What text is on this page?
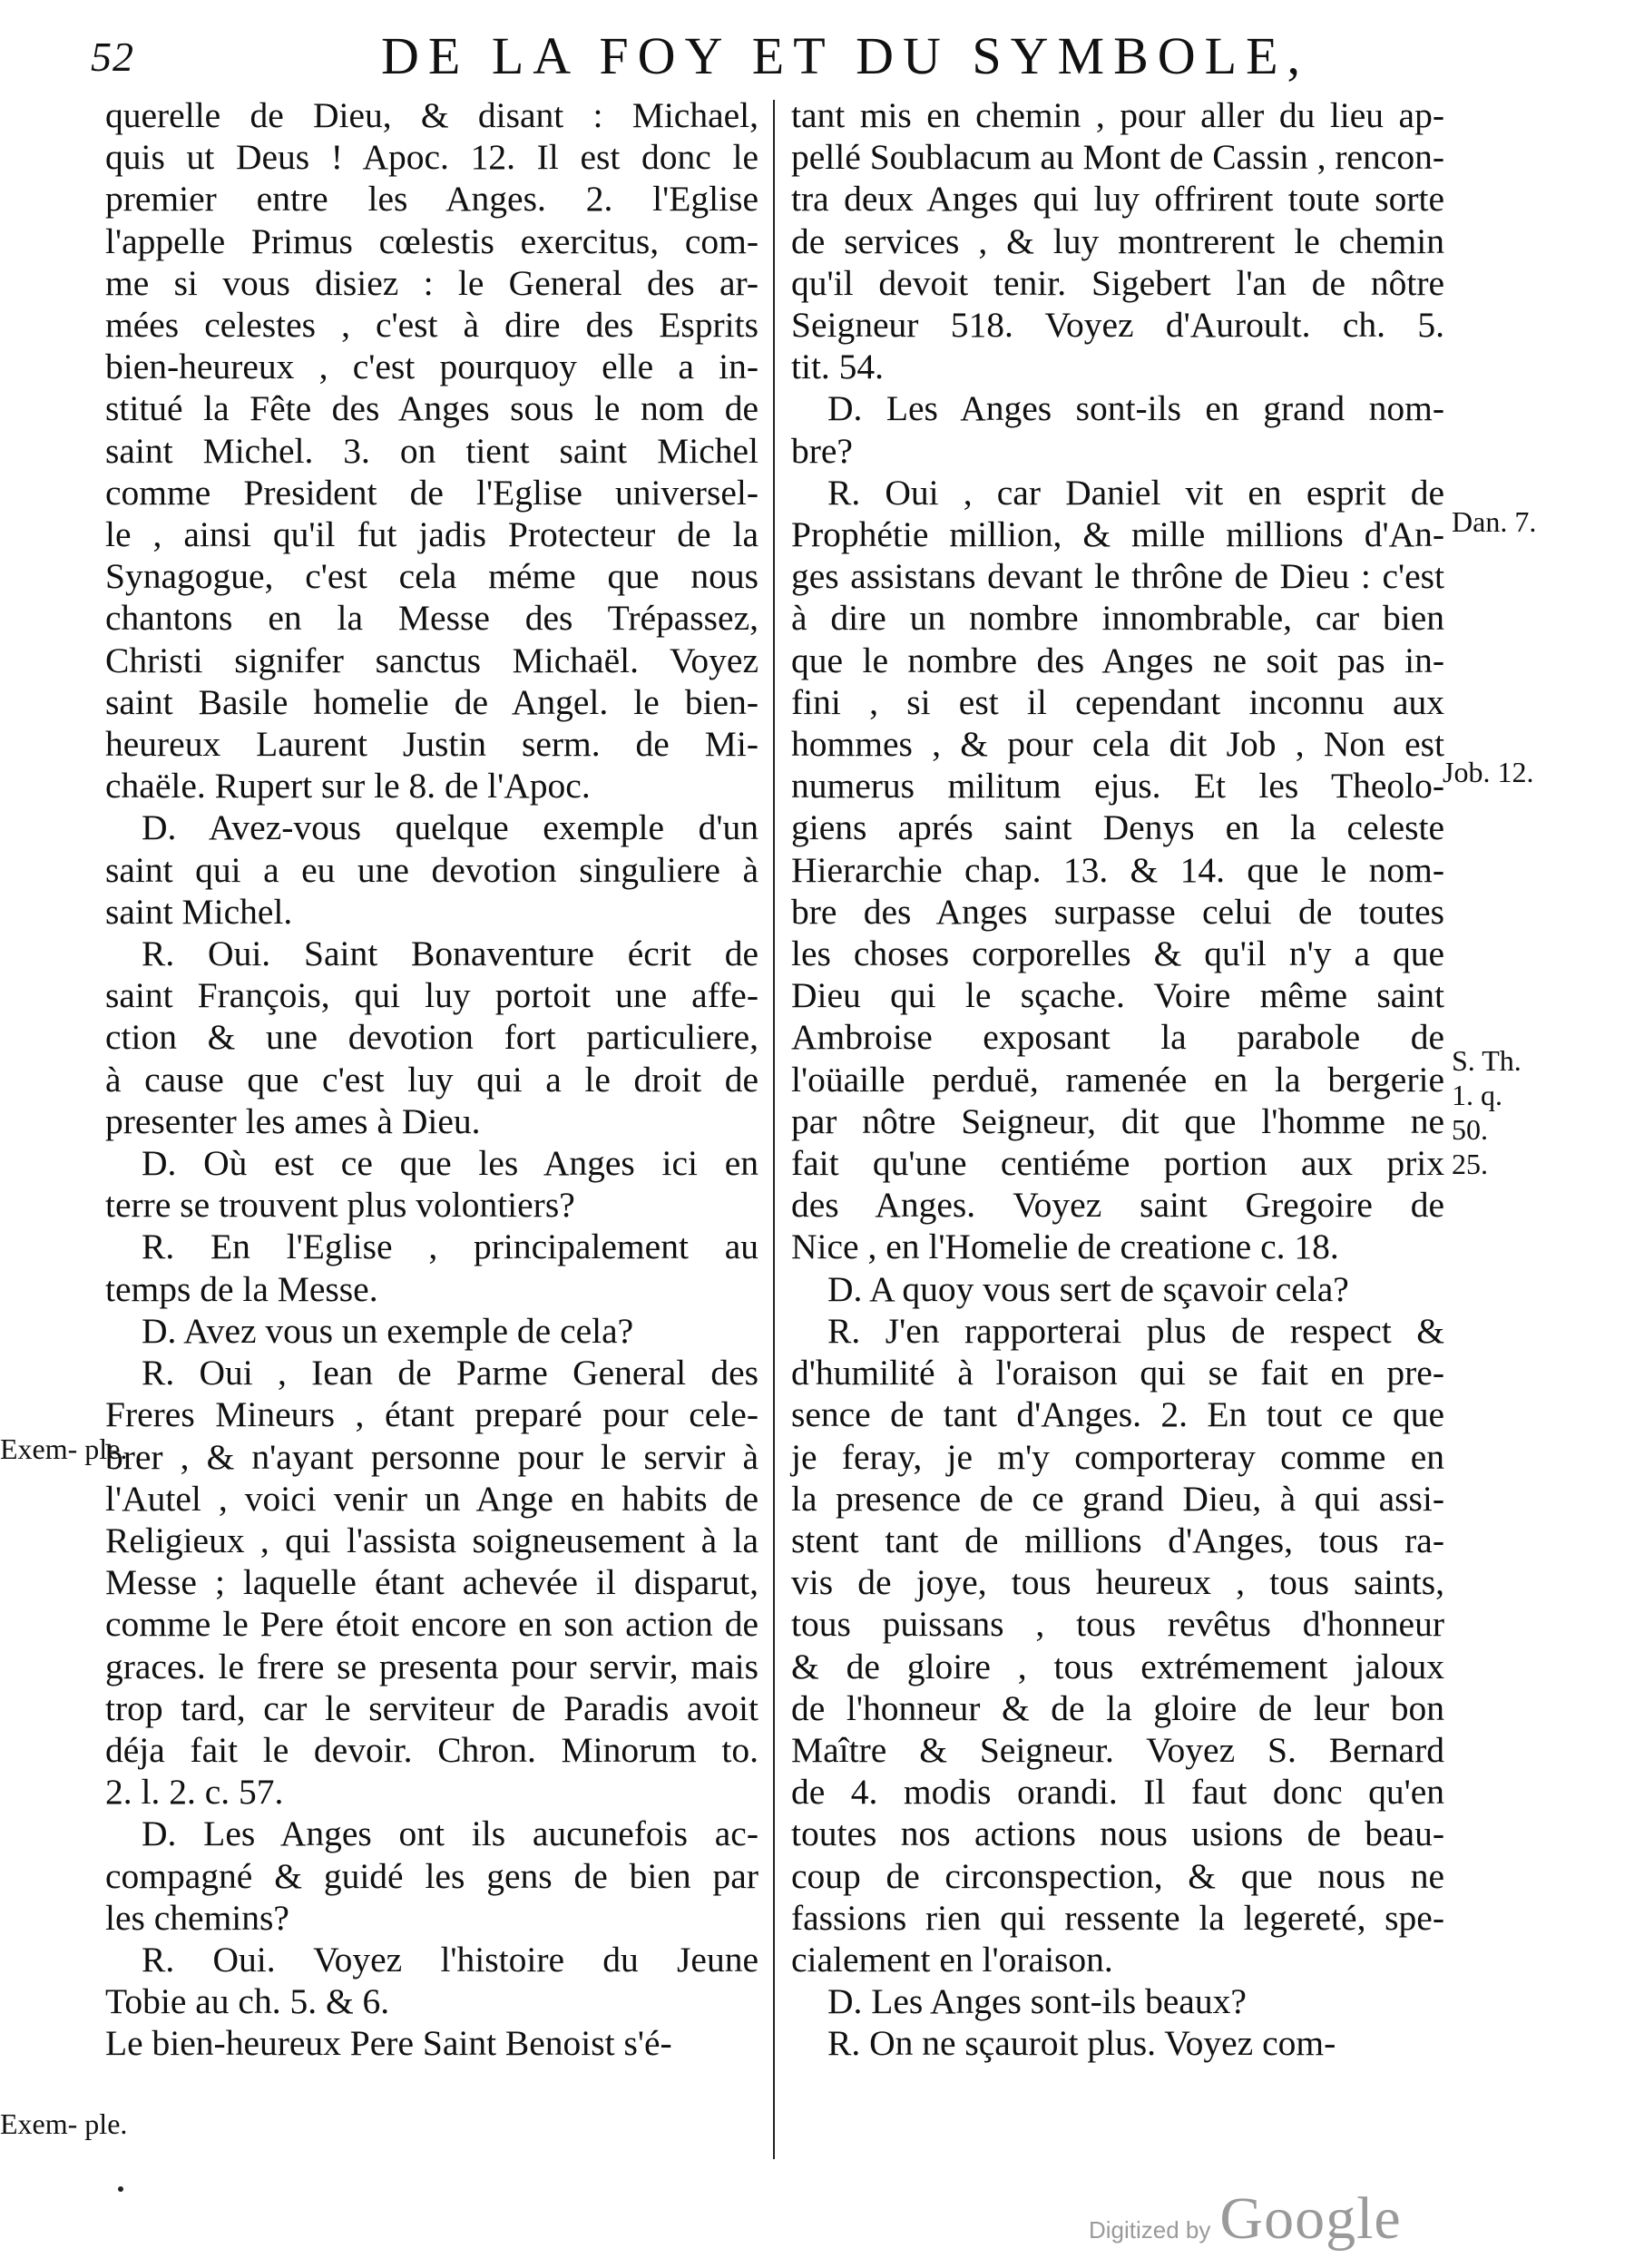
52	DE LA FOY ET DU SYMBOLE,
querelle de Dieu, & disant : Michael,
quis ut Deus ! Apoc. 12. Il est donc le
premier entre les Anges. 2. l'Eglise
l'appelle Primus cœlestis exercitus, com-
me si vous disiez : le General des ar-
mées celestes , c'est à dire des Esprits
bien-heureux , c'est pourquoy elle a in-
stitué la Fête des Anges sous le nom de
saint Michel. 3. on tient saint Michel
comme President de l'Eglise universel-
le , ainsi qu'il fut jadis Protecteur de la
Synagogue, c'est cela méme que nous
chantons en la Messe des Trépassez,
Christi signifer sanctus Michaël. Voyez
saint Basile homelie de Angel. le bien-
heureux Laurent Justin serm. de Mi-
chaële. Rupert sur le 8. de l'Apoc.
D. Avez-vous quelque exemple d'un
saint qui a eu une devotion singuliere à
saint Michel.
R. Oui. Saint Bonaventure écrit de
saint François, qui luy portoit une affe-
ction & une devotion fort particuliere,
à cause que c'est luy qui a le droit de
presenter les ames à Dieu.
D. Où est ce que les Anges ici en
terre se trouvent plus volontiers?
R. En l'Eglise , principalement au
temps de la Messe.
D. Avez vous un exemple de cela?
R. Oui , Iean de Parme General des
Freres Mineurs , étant preparé pour cele-
brer , & n'ayant personne pour le servir à
l'Autel , voici venir un Ange en habits de
Religieux , qui l'assista soigneusement à la
Messe ; laquelle étant achevée il disparut,
comme le Pere étoit encore en son action de
graces. le frere se presenta pour servir, mais
trop tard, car le serviteur de Paradis avoit
déja fait le devoir. Chron. Minorum to.
2. l. 2. c. 57.
D. Les Anges ont ils aucunefois ac-
compagné & guidé les gens de bien par
les chemins?
R. Oui. Voyez l'histoire du Jeune
Tobie au ch. 5. & 6.
Le bien-heureux Pere Saint Benoist s'é-
tant mis en chemin , pour aller du lieu ap-
pellé Soublacum au Mont de Cassin , rencon-
tra deux Anges qui luy offrirent toute sorte
de services , & luy montrerent le chemin
qu'il devoit tenir. Sigebert l'an de nôtre
Seigneur 518. Voyez d'Auroult. ch. 5.
tit. 54.
D. Les Anges sont-ils en grand nom-
bre?
R. Oui , car Daniel vit en esprit de
Prophétie million, & mille millions d'An-
ges assistans devant le thrône de Dieu : c'est
à dire un nombre innombrable, car bien
que le nombre des Anges ne soit pas in-
fini , si est il cependant inconnu aux
hommes , & pour cela dit Job , Non est
numerus militum ejus. Et les Theolo-
giens aprés saint Denys en la celeste
Hierarchie chap. 13. & 14. que le nom-
bre des Anges surpasse celui de toutes
les choses corporelles & qu'il n'y a que
Dieu qui le sçache. Voire même saint
Ambroise exposant la parabole de
l'oüaille perduë, ramenée en la bergerie
par nôtre Seigneur, dit que l'homme ne
fait qu'une centiéme portion aux prix
des Anges. Voyez saint Gregoire de
Nice , en l'Homelie de creatione c. 18.
D. A quoy vous sert de sçavoir cela?
R. J'en rapporterai plus de respect &
d'humilité à l'oraison qui se fait en pre-
sence de tant d'Anges. 2. En tout ce que
je feray, je m'y comporteray comme en
la presence de ce grand Dieu, à qui assi-
stent tant de millions d'Anges, tous ra-
vis de joye, tous heureux , tous saints,
tous puissans , tous revêtus d'honneur
& de gloire , tous extrémement jaloux
de l'honneur & de la gloire de leur bon
Maître & Seigneur. Voyez S. Bernard
de 4. modis orandi. Il faut donc qu'en
toutes nos actions nous usions de beau-
coup de circonspection, & que nous ne
fassions rien qui ressente la legereté, spe-
cialement en l'oraison.
D. Les Anges sont-ils beaux?
R. On ne sçauroit plus. Voyez com-
Exem- ple.
Exem- ple.
Dan. 7.
Job. 12.
S. Th. 1. q. 50. 25.
Digitized by Google
